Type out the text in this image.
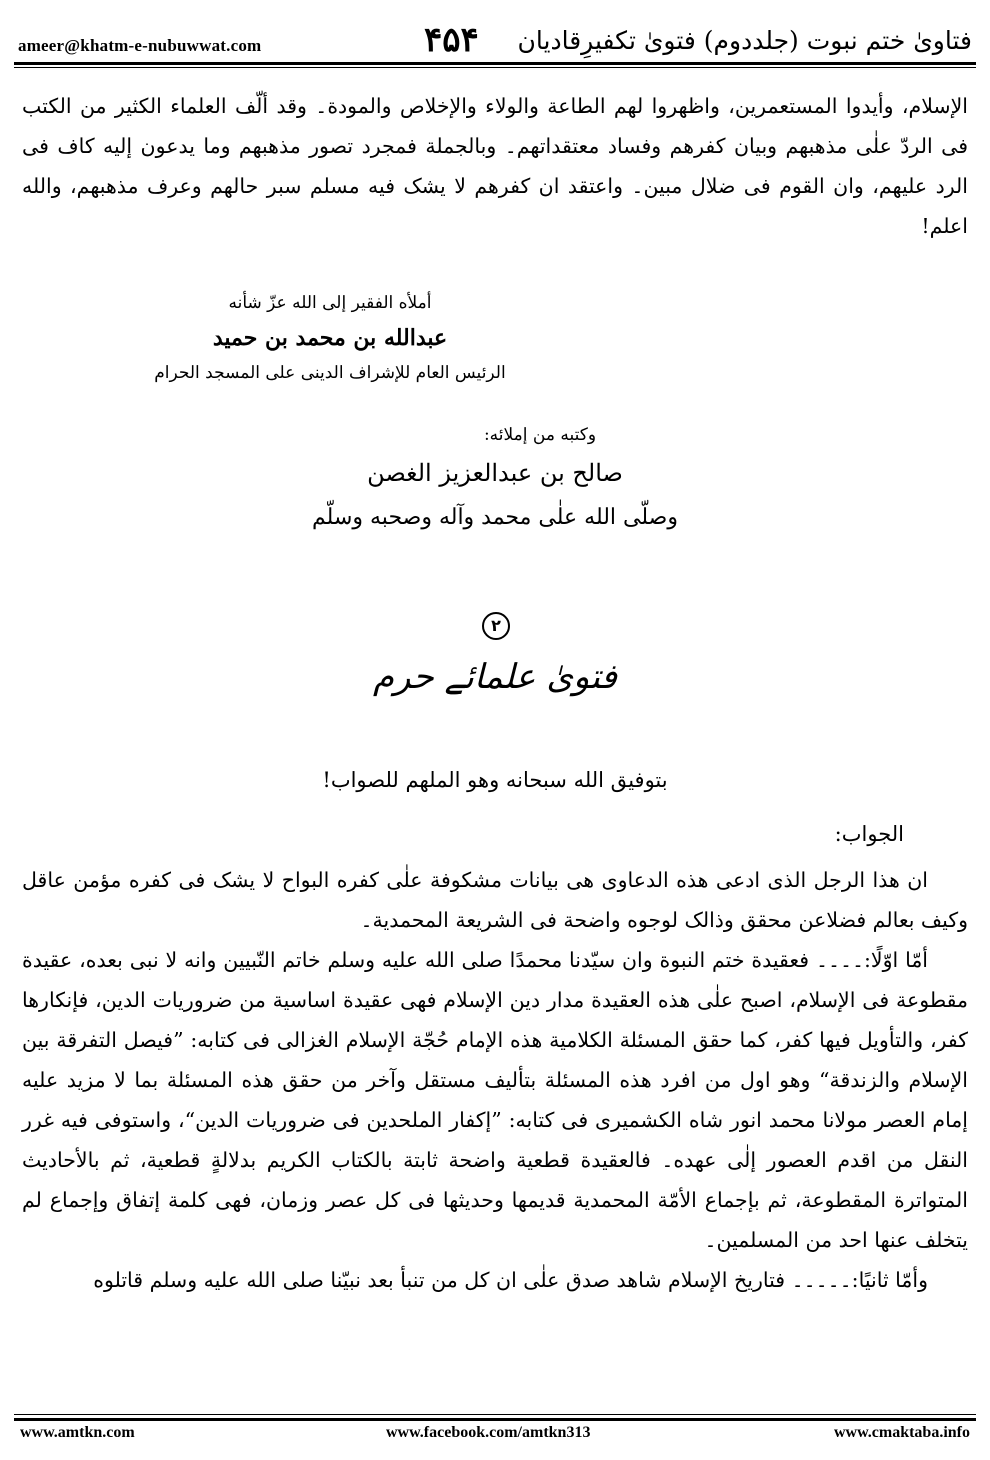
ameer@khatm-e-nubuwwat.com	۴۵۴ فتاویٰ ختم نبوت (جلددوم) فتویٰ تکفیرِقادیان

الإسلام، وأیدوا المستعمرین، واظهروا لهم الطاعة والولاء والإخلاص والمودة۔ وقد ألّف العلماء الکثیر من الکتب فی الردّ علٰی مذهبهم وبیان کفرهم وفساد معتقداتهم۔ وبالجملة فمجرد تصور مذهبهم وما یدعون إلیه کاف فی الرد علیهم، وان القوم فی ضلال مبین۔ واعتقد ان کفرهم لا یشک فیه مسلم سبر حالهم وعرف مذهبهم، والله اعلم!

أملأه الفقیر إلی الله عزّ شأنه
عبدالله بن محمد بن حمید
الرئیس العام للإشراف الدینی علی المسجد الحرام
وکتبه من إملائه:
صالح بن عبدالعزیز الغصن
وصلّی الله علٰی محمد وآله وصحبه وسلّم
۲
فتویٰ علمائے حرم
بتوفیق الله سبحانه وهو الملهم للصواب!
الجواب:

ان هذا الرجل الذی ادعی هذه الدعاوی هی بیانات مشکوفة علٰی کفره البواح لا یشک فی کفره مؤمن عاقل وکیف بعالم فضلاعن محقق وذالک لوجوه واضحة فی الشریعة المحمدیة۔

أمّا اوّلًا:۔۔۔۔ فعقیدة ختم النبوة وان سیّدنا محمدًا صلی الله علیه وسلم خاتم النّبیین وانه لا نبی بعده، عقیدة مقطوعة فی الإسلام، اصبح علٰی هذه العقیدة مدار دین الإسلام فهی عقیدة اساسیة من ضروریات الدین، فإنکارها کفر، والتأویل فیها کفر، کما حقق المسئلة الکلامیة هذه الإمام حُجّة الإسلام الغزالی فی کتابه: ”فیصل التفرقة بین الإسلام والزندقة“ وهو اول من افرد هذه المسئلة بتألیف مستقل وآخر من حقق هذه المسئلة بما لا مزید علیه إمام العصر مولانا محمد انور شاه الکشمیری فی کتابه: ”إکفار الملحدین فی ضروریات الدین“، واستوفی فیه غرر النقل من اقدم العصور إلٰی عهده۔ فالعقیدة قطعیة واضحة ثابتة بالکتاب الکریم بدلالةٍ قطعیة، ثم بالأحادیث المتواترة المقطوعة، ثم بإجماع الأمّة المحمدیة قدیمها وحدیثها فی کل عصر وزمان، فهی کلمة إتفاق وإجماع لم یتخلف عنها احد من المسلمین۔

وأمّا ثانیًا:۔۔۔۔۔ فتاریخ الإسلام شاهد صدق علٰی ان کل من تنبأ بعد نبیّنا صلی الله علیه وسلم قاتلوه

www.amtkn.com	www.facebook.com/amtkn313	www.cmaktaba.info
